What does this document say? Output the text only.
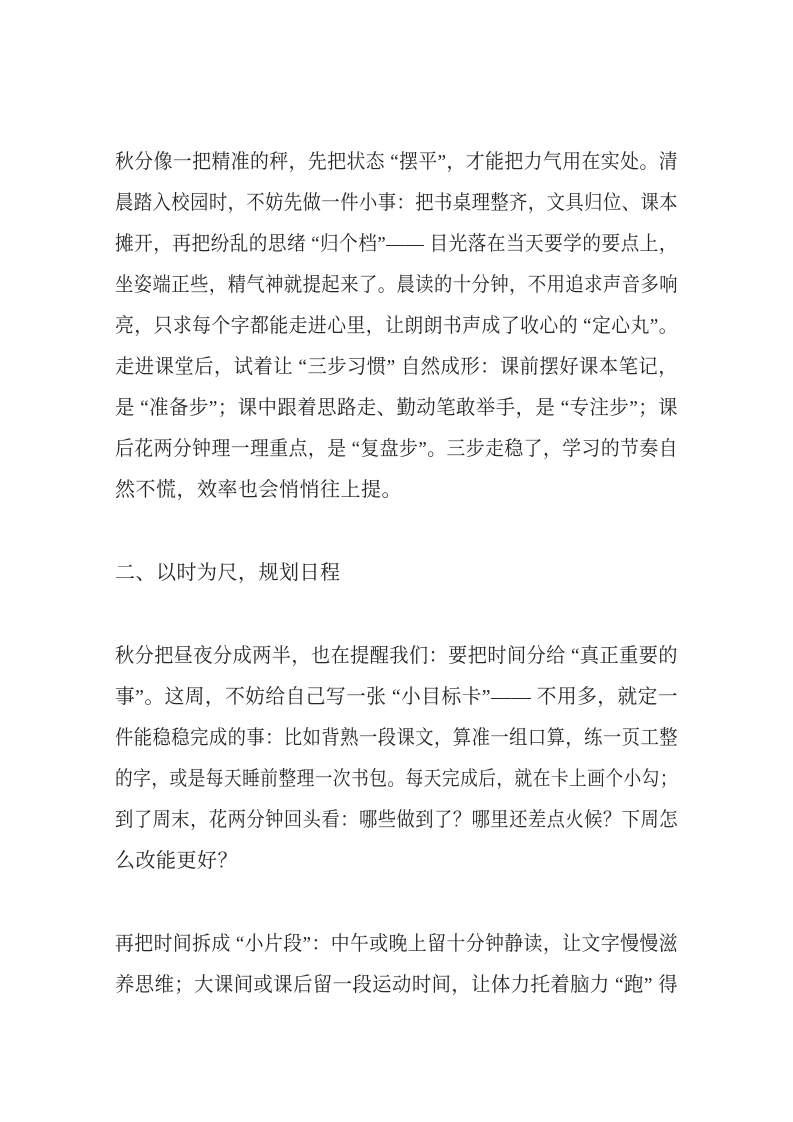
秋分像一把精准的秤，先把状态 “摆平”，才能把力气用在实处。清
晨踏入校园时，不妨先做一件小事：把书桌理整齐，文具归位、课本
摊开，再把纷乱的思绪 “归个档”—— 目光落在当天要学的要点上，
坐姿端正些，精气神就提起来了。晨读的十分钟，不用追求声音多响
亮，只求每个字都能走进心里，让朗朗书声成了收心的 “定心丸”。
走进课堂后，试着让 “三步习惯” 自然成形：课前摆好课本笔记，
是 “准备步”；课中跟着思路走、勤动笔敢举手，是 “专注步”；课
后花两分钟理一理重点，是 “复盘步”。三步走稳了，学习的节奏自
然不慌，效率也会悄悄往上提。
二、以时为尺，规划日程
秋分把昼夜分成两半，也在提醒我们：要把时间分给 “真正重要的
事”。这周，不妨给自己写一张 “小目标卡”—— 不用多，就定一
件能稳稳完成的事：比如背熟一段课文，算准一组口算，练一页工整
的字，或是每天睡前整理一次书包。每天完成后，就在卡上画个小勾；
到了周末，花两分钟回头看：哪些做到了？哪里还差点火候？下周怎
么改能更好？
再把时间拆成 “小片段”：中午或晚上留十分钟静读，让文字慢慢滋
养思维；大课间或课后留一段运动时间，让体力托着脑力 “跑” 得
